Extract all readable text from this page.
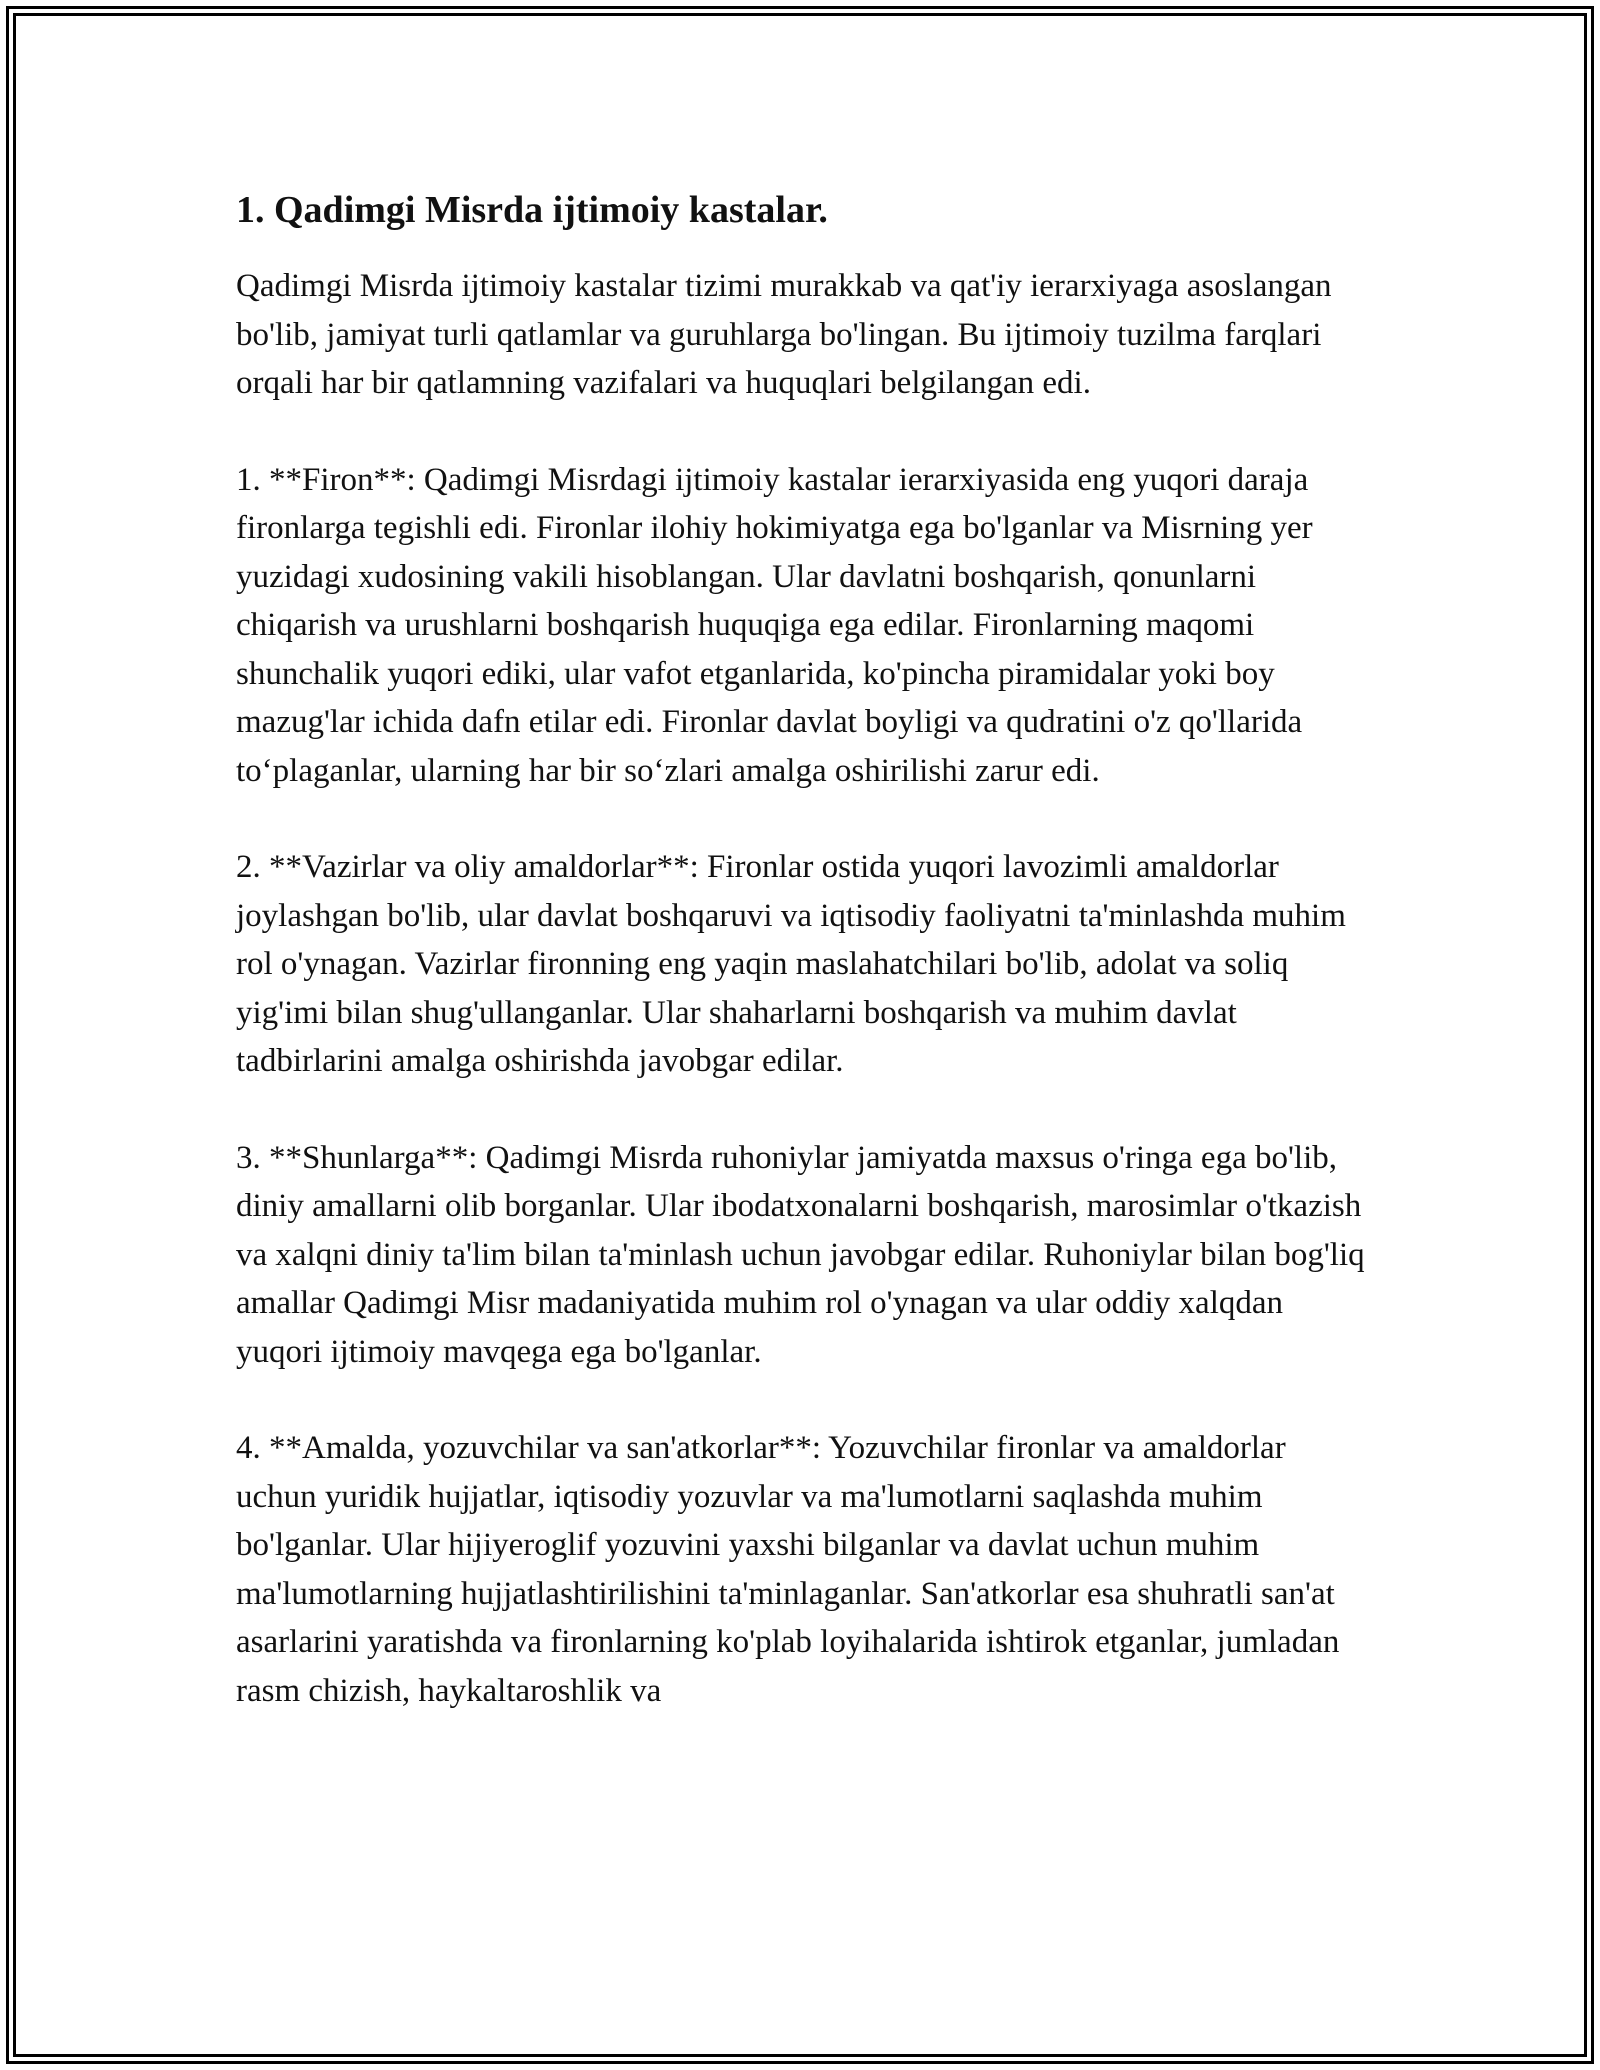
1. Qadimgi Misrda ijtimoiy kastalar.

Qadimgi Misrda ijtimoiy kastalar tizimi murakkab va qat'iy ierarxiyaga asoslangan bo'lib, jamiyat turli qatlamlar va guruhlarga bo'lingan. Bu ijtimoiy tuzilma farqlari orqali har bir qatlamning vazifalari va huquqlari belgilangan edi.

1. **Firon**: Qadimgi Misrdagi ijtimoiy kastalar ierarxiyasida eng yuqori daraja fironlarga tegishli edi. Fironlar ilohiy hokimiyatga ega bo'lganlar va Misrning yer yuzidagi xudosining vakili hisoblangan. Ular davlatni boshqarish, qonunlarni chiqarish va urushlarni boshqarish huquqiga ega edilar. Fironlarning maqomi shunchalik yuqori ediki, ular vafot etganlarida, ko'pincha piramidalar yoki boy mazug'lar ichida dafn etilar edi. Fironlar davlat boyligi va qudratini o'z qo'llarida to‘plaganlar, ularning har bir so‘zlari amalga oshirilishi zarur edi.

2. **Vazirlar va oliy amaldorlar**: Fironlar ostida yuqori lavozimli amaldorlar joylashgan bo'lib, ular davlat boshqaruvi va iqtisodiy faoliyatni ta'minlashda muhim rol o'ynagan. Vazirlar fironning eng yaqin maslahatchilari bo'lib, adolat va soliq yig'imi bilan shug'ullanganlar. Ular shaharlarni boshqarish va muhim davlat tadbirlarini amalga oshirishda javobgar edilar.

3. **Shunlarga**: Qadimgi Misrda ruhoniylar jamiyatda maxsus o'ringa ega bo'lib, diniy amallarni olib borganlar. Ular ibodatxonalarni boshqarish, marosimlar o'tkazish va xalqni diniy ta'lim bilan ta'minlash uchun javobgar edilar. Ruhoniylar bilan bog'liq amallar Qadimgi Misr madaniyatida muhim rol o'ynagan va ular oddiy xalqdan yuqori ijtimoiy mavqega ega bo'lganlar.

4. **Amalda, yozuvchilar va san'atkorlar**: Yozuvchilar fironlar va amaldorlar uchun yuridik hujjatlar, iqtisodiy yozuvlar va ma'lumotlarni saqlashda muhim bo'lganlar. Ular hijiyeroglif yozuvini yaxshi bilganlar va davlat uchun muhim ma'lumotlarning hujjatlashtirilishini ta'minlaganlar. San'atkorlar esa shuhratli san'at asarlarini yaratishda va fironlarning ko'plab loyihalarida ishtirok etganlar, jumladan rasm chizish, haykaltaroshlik va
